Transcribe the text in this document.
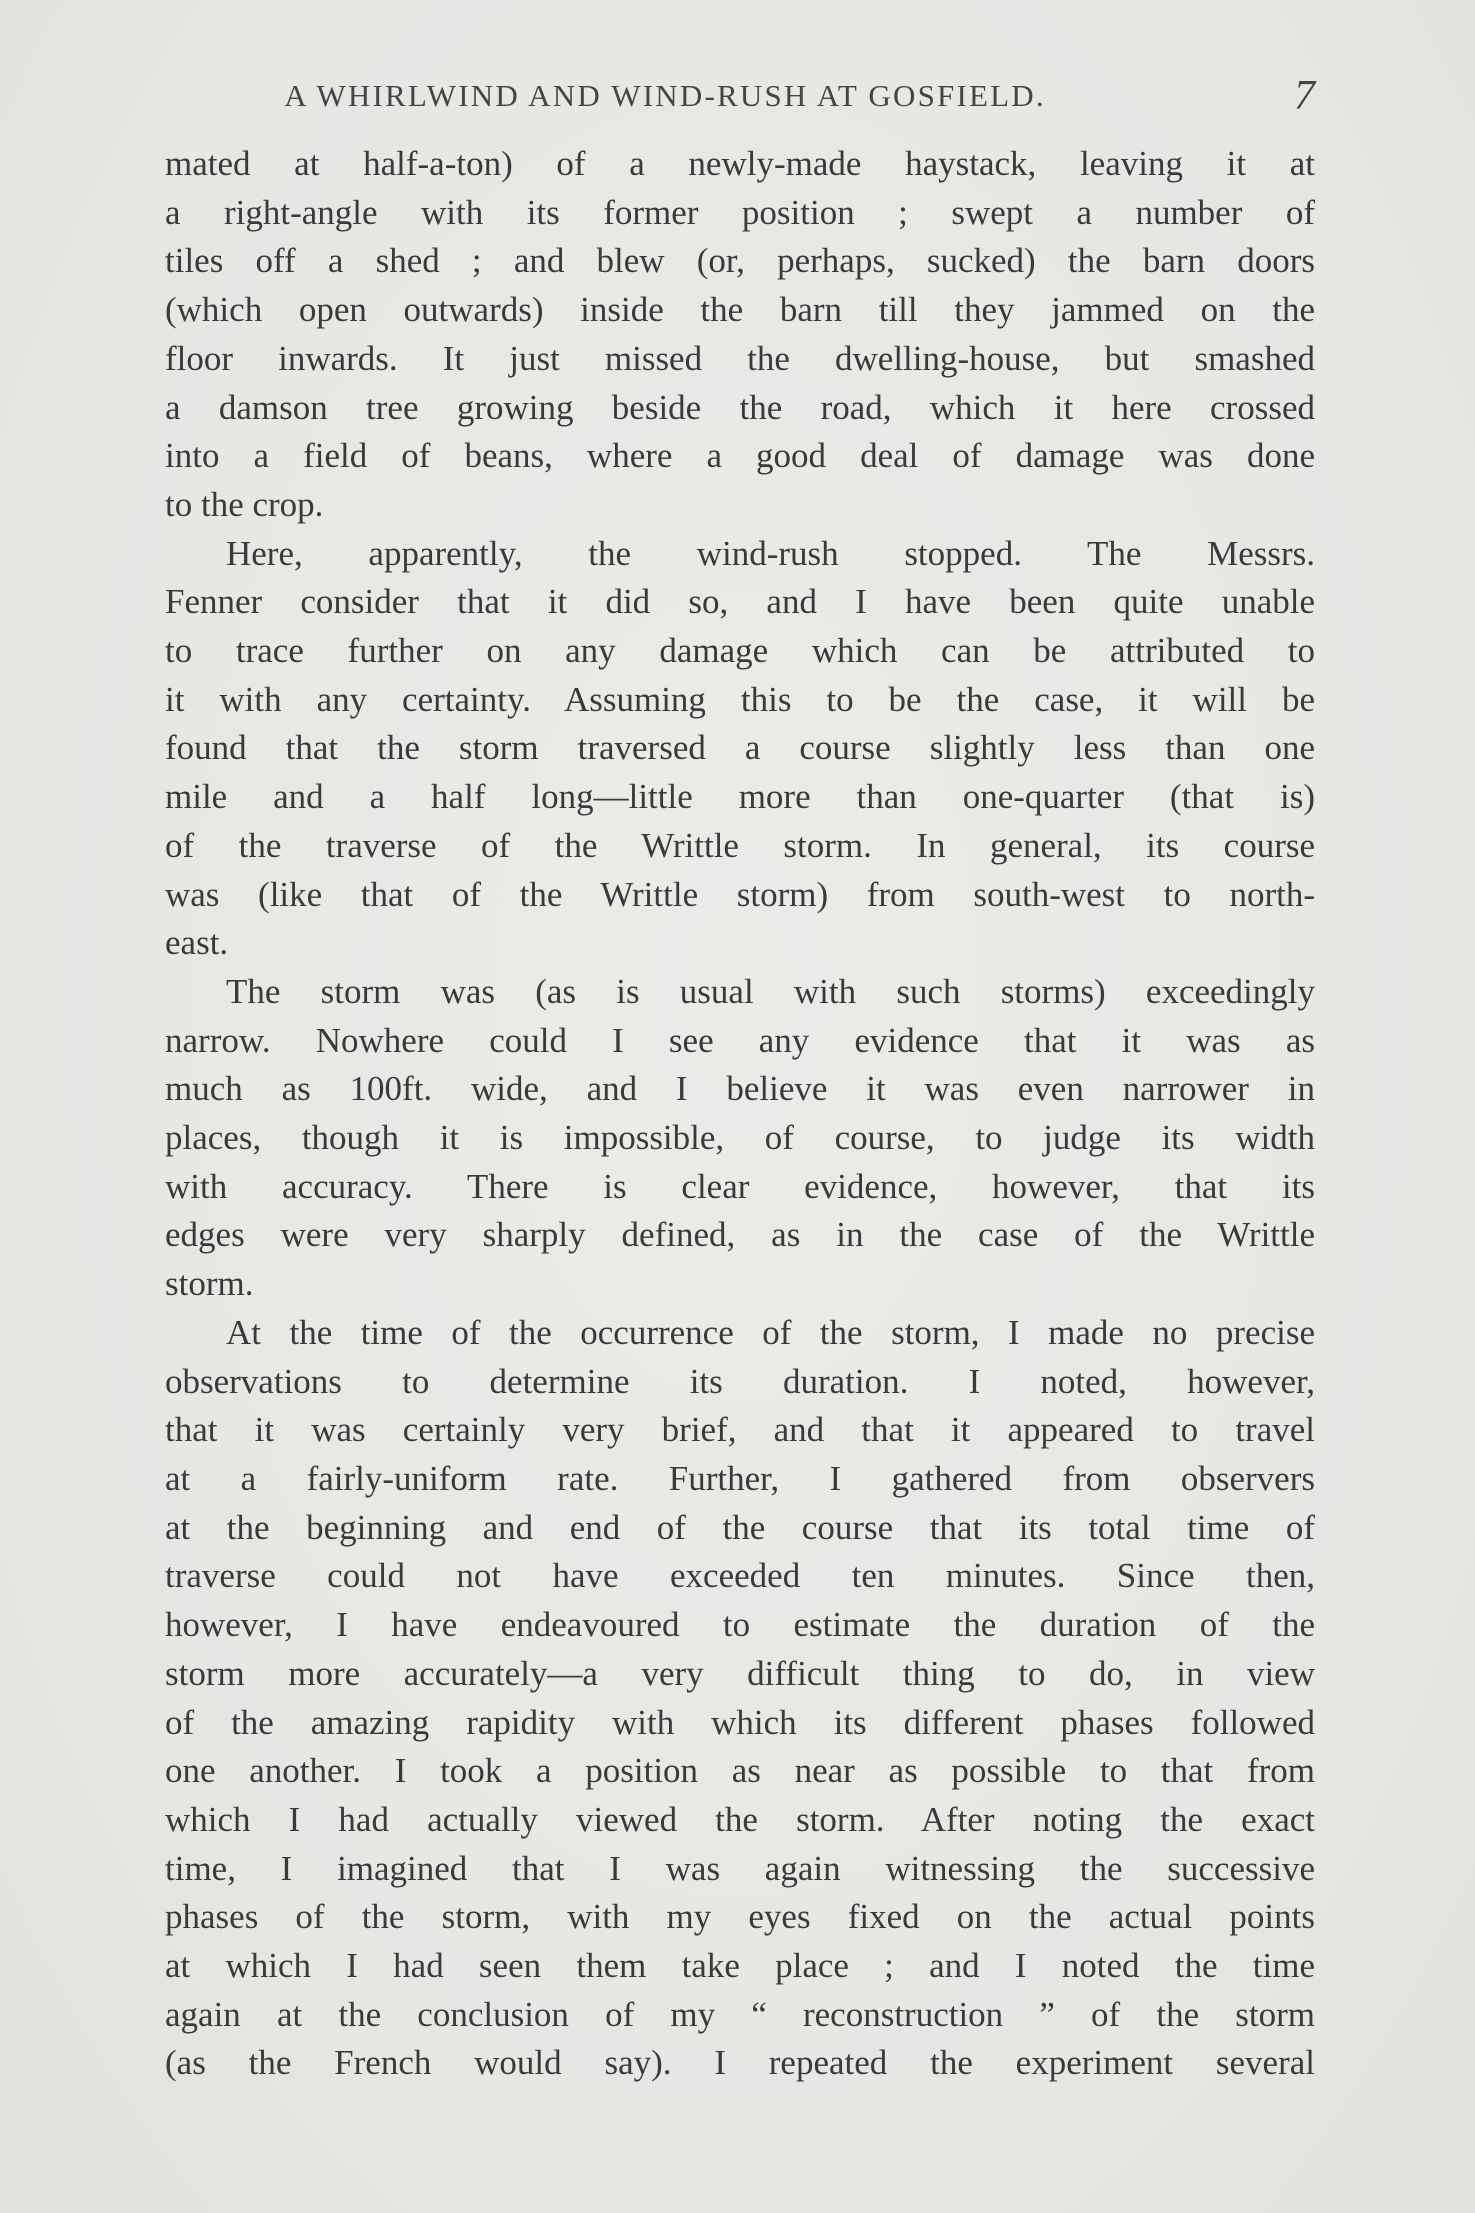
A WHIRLWIND AND WIND-RUSH AT GOSFIELD.	7

mated at half-a-ton) of a newly-made haystack, leaving it at

a right-angle with its former position ; swept a number of

tiles off a shed ; and blew (or, perhaps, sucked) the barn doors

(which open outwards) inside the barn till they jammed on the

floor inwards. It just missed the dwelling-house, but smashed

a damson tree growing beside the road, which it here crossed

into a field of beans, where a good deal of damage was done

to the crop.

Here, apparently, the wind-rush stopped. The Messrs.

Fenner consider that it did so, and I have been quite unable

to trace further on any damage which can be attributed to

it with any certainty. Assuming this to be the case, it will be

found that the storm traversed a course slightly less than one

mile and a half long—little more than one-quarter (that is)

of the traverse of the Writtle storm. In general, its course

was (like that of the Writtle storm) from south-west to north-

east.

The storm was (as is usual with such storms) exceedingly

narrow. Nowhere could I see any evidence that it was as

much as 100ft. wide, and I believe it was even narrower in

places, though it is impossible, of course, to judge its width

with accuracy. There is clear evidence, however, that its

edges were very sharply defined, as in the case of the Writtle

storm.

At the time of the occurrence of the storm, I made no precise

observations to determine its duration. I noted, however,

that it was certainly very brief, and that it appeared to travel

at a fairly-uniform rate. Further, I gathered from observers

at the beginning and end of the course that its total time of

traverse could not have exceeded ten minutes. Since then,

however, I have endeavoured to estimate the duration of the

storm more accurately—a very difficult thing to do, in view

of the amazing rapidity with which its different phases followed

one another. I took a position as near as possible to that from

which I had actually viewed the storm. After noting the exact

time, I imagined that I was again witnessing the successive

phases of the storm, with my eyes fixed on the actual points

at which I had seen them take place ; and I noted the time

again at the conclusion of my “ reconstruction ” of the storm

(as the French would say). I repeated the experiment several
